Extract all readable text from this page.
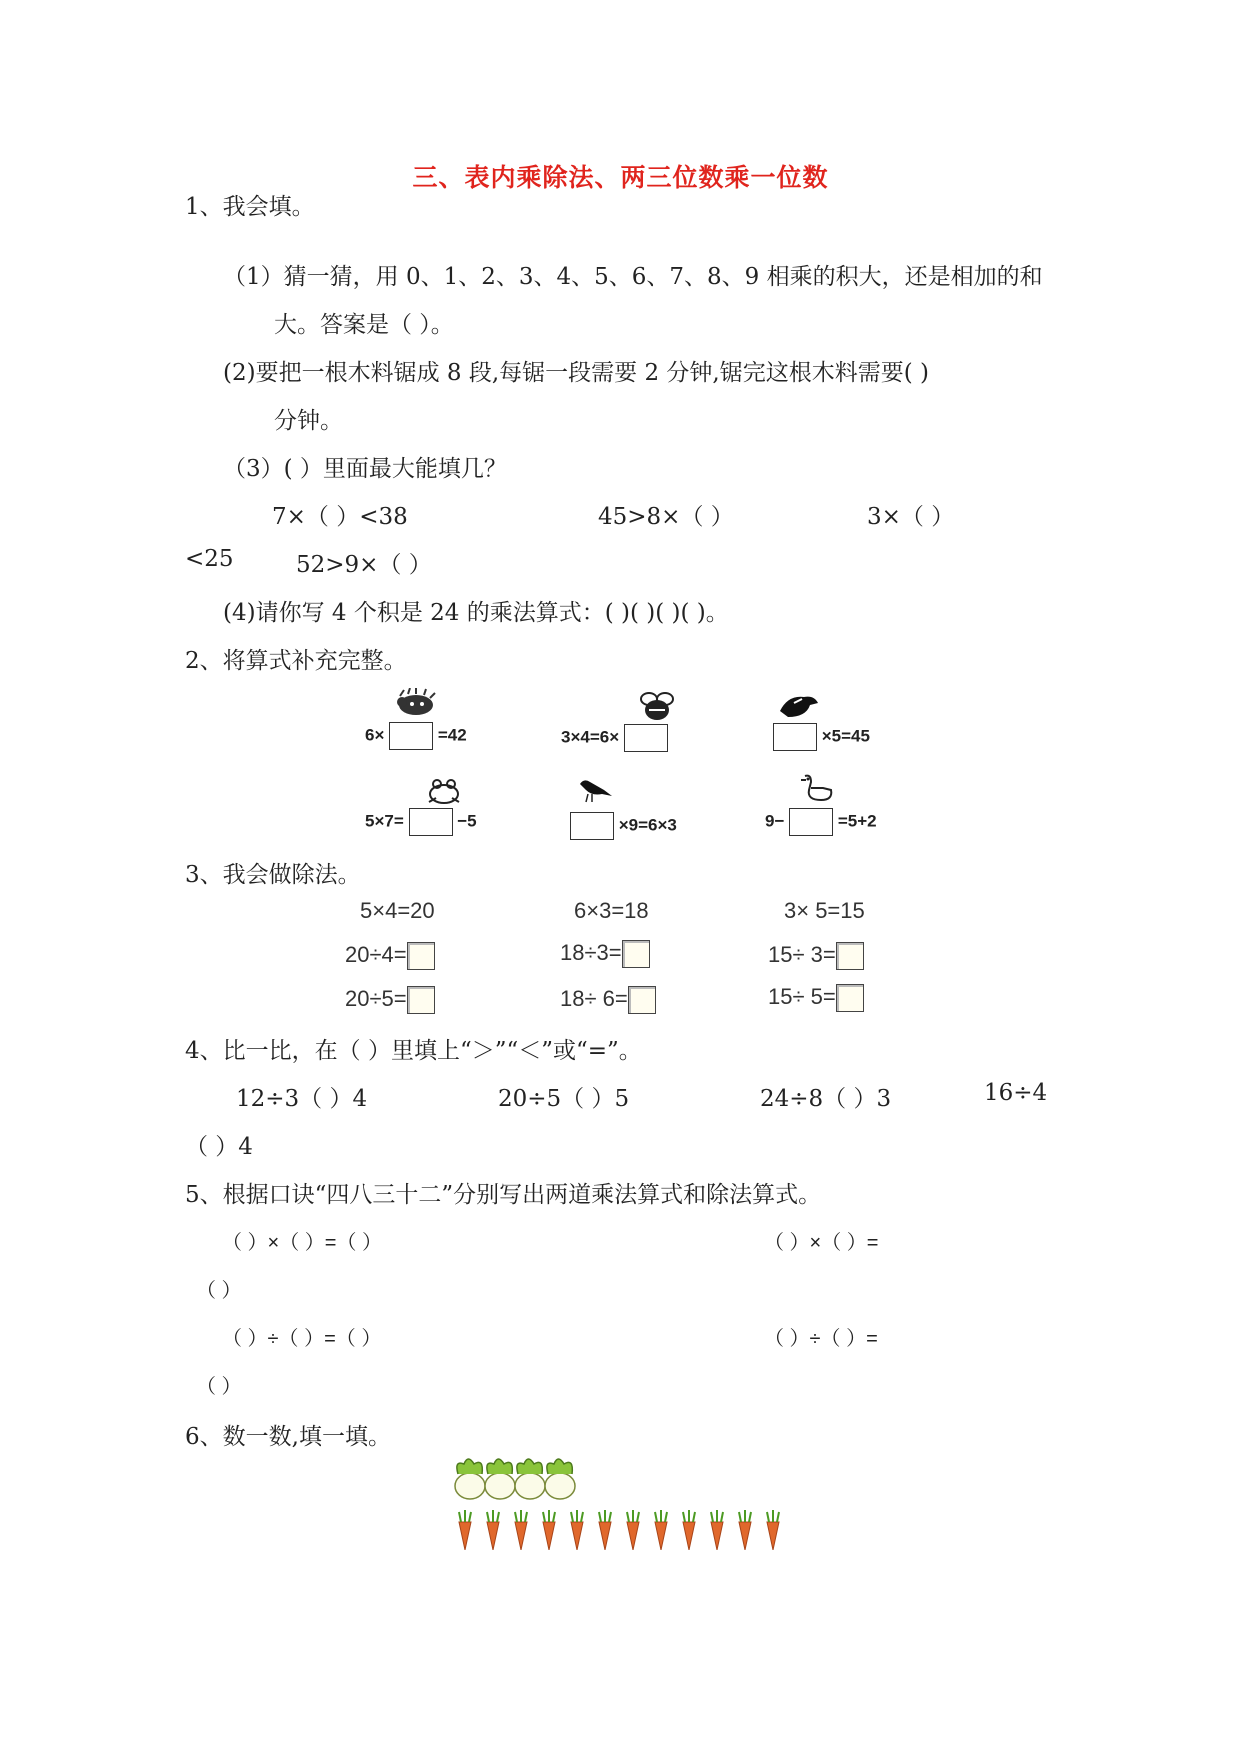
三、表内乘除法、两三位数乘一位数
1、我会填。
（1）猜一猜，用 0、1、2、3、4、5、6、7、8、9 相乘的积大，还是相加的和
大。答案是（ ）。
(2)要把一根木料锯成 8 段,每锯一段需要 2 分钟,锯完这根木料需要( )
分钟。
（3）( ）里面最大能填几？
7×（ ）<38	45>8×（ ）	3×（ ）
<25	52>9×（ ）
(4)请你写 4 个积是 24 的乘法算式：( )( )( )( )。
2、将算式补充完整。
6×	=42	3×4=6×	×5=45
5×7=	−5	×9=6×3	9−	=5+2
3、我会做除法。
5×4=20
20÷4=
20÷5=
6×3=18
18÷3=
18÷ 6=
3× 5=15
15÷ 3=
15÷ 5=
4、比一比，在（ ）里填上“＞”“＜”或“=”。
12÷3（ ）4	20÷5（ ）5	24÷8（ ）3	16÷4
（ ）4
5、根据口诀“四八三十二”分别写出两道乘法算式和除法算式。
（ ）×（ ）=（ ）	（ ）×（ ）=
（ ）
（ ）÷（ ）=（ ）	（ ）÷（ ）=
（ ）
6、数一数,填一填。
